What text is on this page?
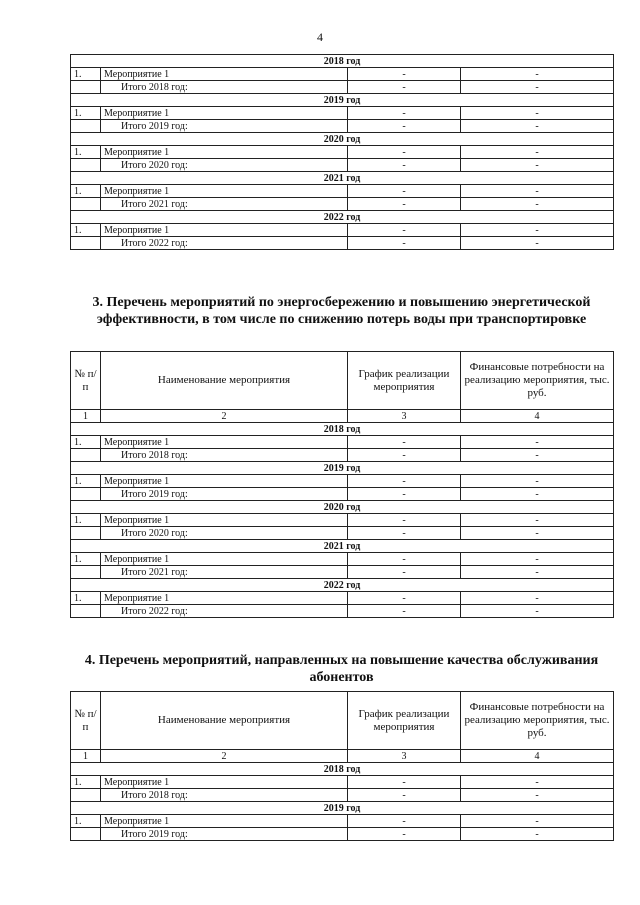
4
2018 год			
1.	Мероприятие 1	-	-
	Итого 2018 год:	-	-
2019 год			
1.	Мероприятие 1	-	-
	Итого 2019 год:	-	-
2020 год			
1.	Мероприятие 1	-	-
	Итого 2020 год:	-	-
2021 год			
1.	Мероприятие 1	-	-
	Итого 2021 год:	-	-
2022 год			
1.	Мероприятие 1	-	-
	Итого 2022 год:	-	-
3. Перечень мероприятий по энергосбережению и повышению энергетической эффективности, в том числе по снижению потерь воды при транспортировке
№ п/п	Наименование мероприятия	График реализации мероприятия	Финансовые потребности на реализацию мероприятия, тыс. руб.
1	2	3	4
2018 год			
1.	Мероприятие 1	-	-
	Итого 2018 год:	-	-
2019 год			
1.	Мероприятие 1	-	-
	Итого 2019 год:	-	-
2020 год			
1.	Мероприятие 1	-	-
	Итого 2020 год:	-	-
2021 год			
1.	Мероприятие 1	-	-
	Итого 2021 год:	-	-
2022 год			
1.	Мероприятие 1	-	-
	Итого 2022 год:	-	-
4. Перечень мероприятий, направленных на повышение качества обслуживания абонентов
№ п/п	Наименование мероприятия	График реализации мероприятия	Финансовые потребности на реализацию мероприятия, тыс. руб.
1	2	3	4
2018 год			
1.	Мероприятие 1	-	-
	Итого 2018 год:	-	-
2019 год			
1.	Мероприятие 1	-	-
	Итого 2019 год:	-	-
